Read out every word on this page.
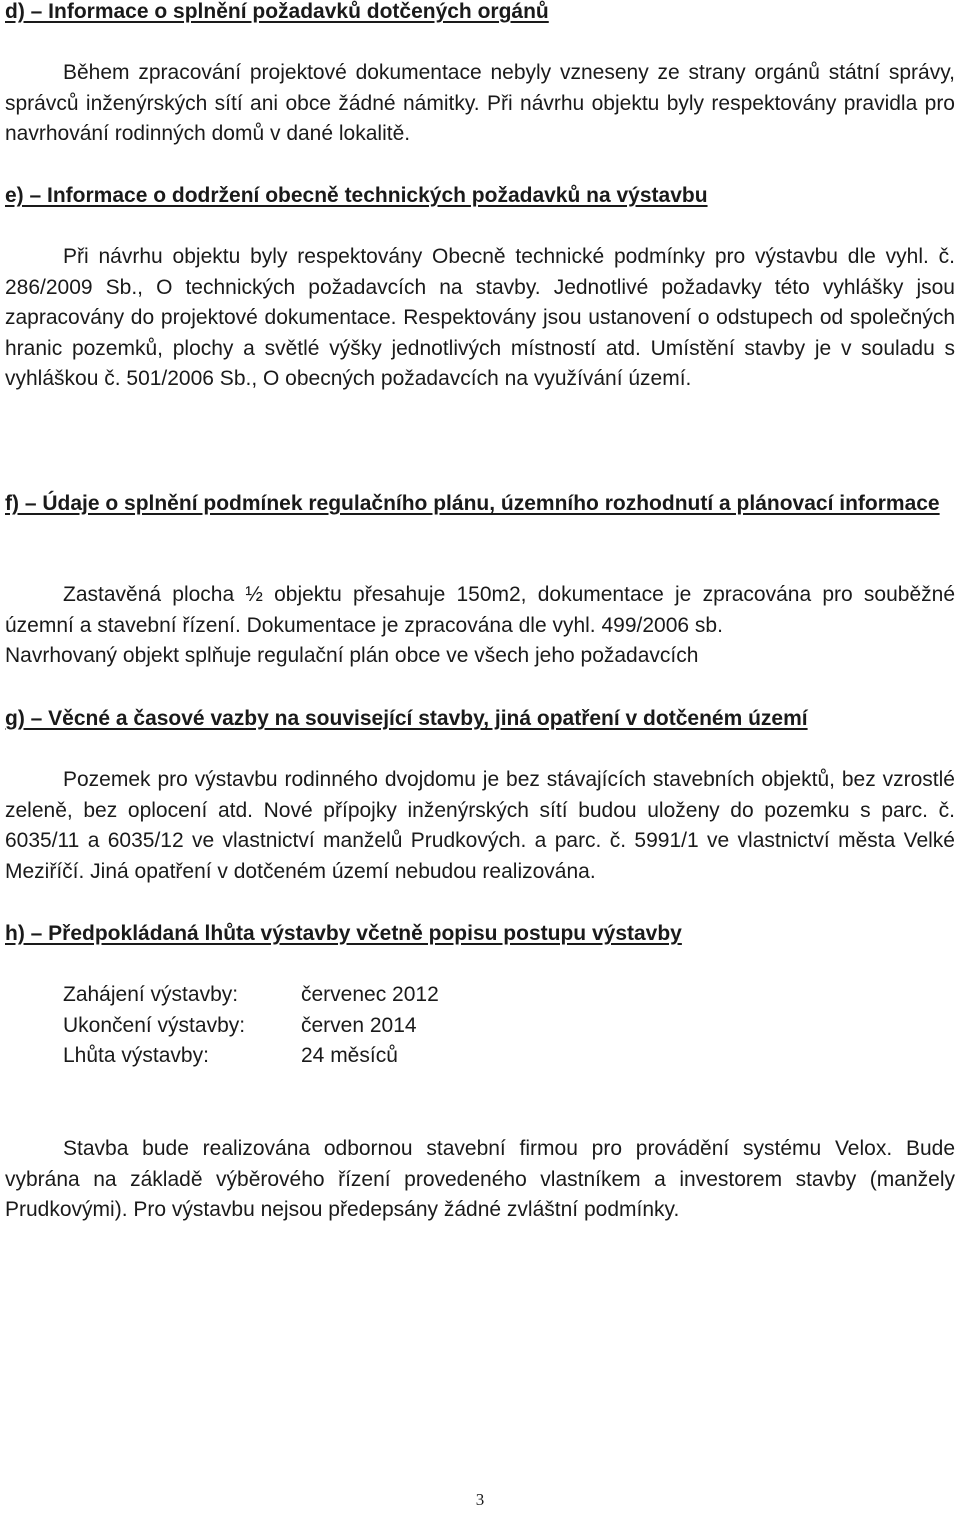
d) – Informace o splnění požadavků dotčených orgánů

Během zpracování projektové dokumentace nebyly vzneseny ze strany orgánů státní správy, správců inženýrských sítí ani obce žádné námitky. Při návrhu objektu byly respektovány pravidla pro navrhování rodinných domů v dané lokalitě.

e) – Informace o dodržení obecně technických požadavků na výstavbu

Při návrhu objektu byly respektovány Obecně technické podmínky pro výstavbu dle vyhl. č. 286/2009 Sb., O technických požadavcích na stavby. Jednotlivé požadavky této vyhlášky jsou zapracovány do projektové dokumentace. Respektovány jsou ustanovení o odstupech od společných hranic pozemků, plochy a světlé výšky jednotlivých místností atd. Umístění stavby je v souladu s vyhláškou č. 501/2006 Sb., O obecných požadavcích na využívání území.

f) – Údaje o splnění podmínek regulačního plánu, územního rozhodnutí a plánovací informace

Zastavěná plocha ½ objektu přesahuje 150m2, dokumentace je zpracována pro souběžné územní a stavební řízení. Dokumentace je zpracována dle vyhl. 499/2006 sb.

Navrhovaný objekt splňuje regulační plán obce ve všech jeho požadavcích

g) – Věcné a časové vazby na související stavby, jiná opatření v dotčeném území

Pozemek pro výstavbu rodinného dvojdomu je bez stávajících stavebních objektů, bez vzrostlé zeleně, bez oplocení atd. Nové přípojky inženýrských sítí budou uloženy do pozemku s parc. č. 6035/11 a 6035/12 ve vlastnictví manželů Prudkových. a parc. č. 5991/1 ve vlastnictví města Velké Meziříčí. Jiná opatření v dotčeném území nebudou realizována.

h) – Předpokládaná lhůta výstavby včetně popisu postupu výstavby
Zahájení výstavby:	červenec 2012
Ukončení výstavby:	červen 2014
Lhůta výstavby:	24 měsíců

Stavba bude realizována odbornou stavební firmou pro provádění systému Velox. Bude vybrána na základě výběrového řízení provedeného vlastníkem a investorem stavby (manžely Prudkovými). Pro výstavbu nejsou předepsány žádné zvláštní podmínky.

3
